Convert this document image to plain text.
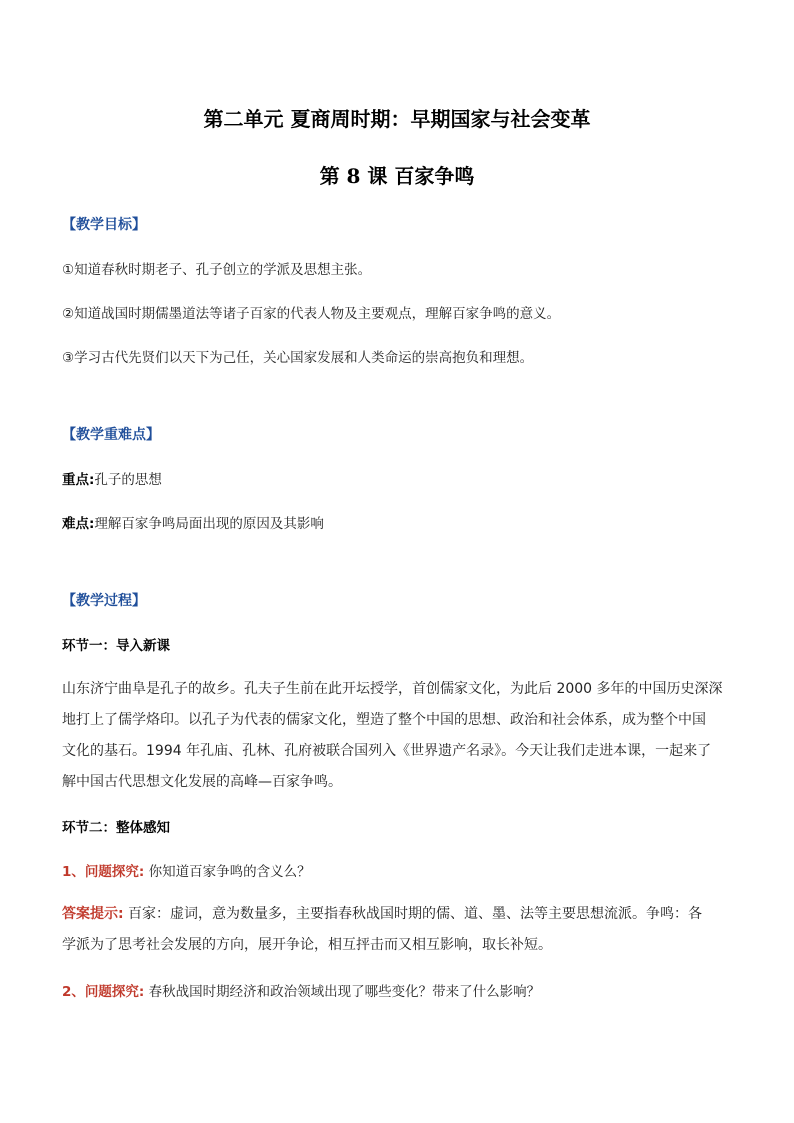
第二单元 夏商周时期：早期国家与社会变革
第 8 课 百家争鸣
【教学目标】
①知道春秋时期老子、孔子创立的学派及思想主张。
②知道战国时期儒墨道法等诸子百家的代表人物及主要观点，理解百家争鸣的意义。
③学习古代先贤们以天下为己任，关心国家发展和人类命运的崇高抱负和理想。
【教学重难点】
重点:孔子的思想
难点:理解百家争鸣局面出现的原因及其影响
【教学过程】
环节一：导入新课
山东济宁曲阜是孔子的故乡。孔夫子生前在此开坛授学，首创儒家文化，为此后 2000 多年的中国历史深深
地打上了儒学烙印。以孔子为代表的儒家文化，塑造了整个中国的思想、政治和社会体系，成为整个中国
文化的基石。1994 年孔庙、孔林、孔府被联合国列入《世界遗产名录》。今天让我们走进本课，一起来了
解中国古代思想文化发展的高峰—百家争鸣。
环节二：整体感知
1、问题探究: 你知道百家争鸣的含义么？
答案提示: 百家：虚词，意为数量多，主要指春秋战国时期的儒、道、墨、法等主要思想流派。争鸣：各
学派为了思考社会发展的方向，展开争论，相互抨击而又相互影响，取长补短。
2、问题探究: 春秋战国时期经济和政治领域出现了哪些变化？带来了什么影响？
